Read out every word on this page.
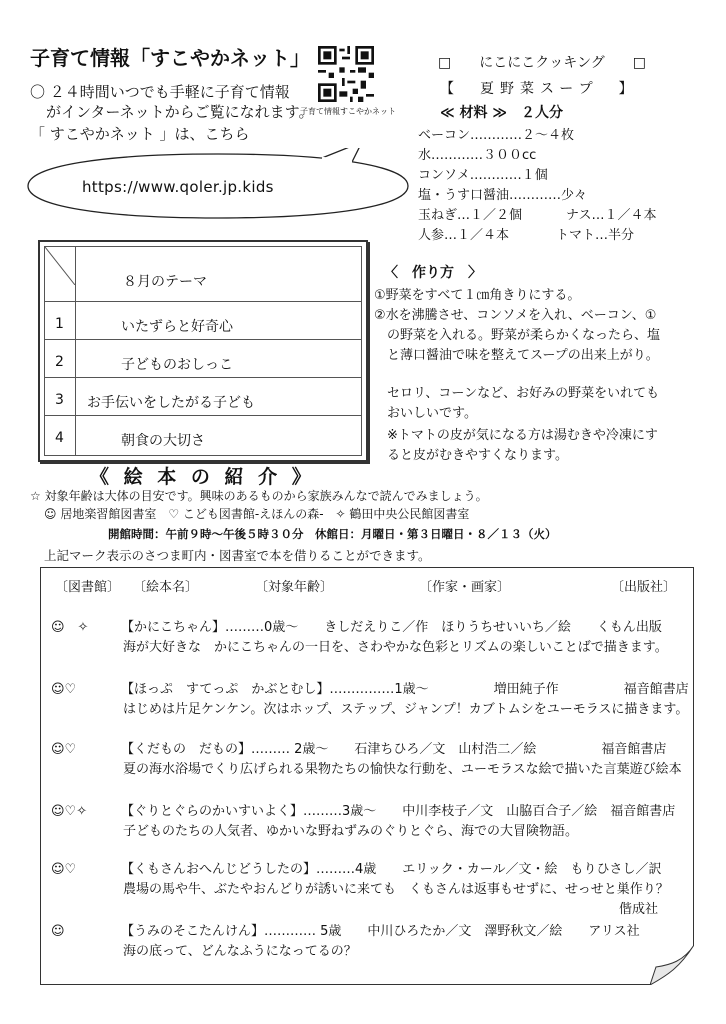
子育て情報「すこやかネット」
〇 ２４時間いつでも手軽に子育て情報
がインターネットからご覧になれます。
「 すこやかネット 」は、こちら
子育て情報すこやかネット
https://www.qoler.jp.kids
□　　にこにこクッキング　　□
【　夏野菜スープ　】
≪ 材料 ≫　２人分
ベーコン…………２～４枚
水…………３００cc
コンソメ…………１個
塩・うす口醤油…………少々
玉ねぎ…１／２個	ナス…１／４本
人参…１／４本	トマト…半分
〈　作り方　〉
①野菜をすべて１㎝角きりにする。
②水を沸騰させ、コンソメを入れ、ベーコン、①
　の野菜を入れる。野菜が柔らかくなったら、塩
　と薄口醤油で味を整えてスープの出来上がり。
　セロリ、コーンなど、お好みの野菜をいれても
　おいしいです。
　※トマトの皮が気になる方は湯むきや冷凍にす
　ると皮がむきやすくなります。
８月のテーマ
1	いたずらと好奇心
2	子どものおしっこ
3 お手伝いをしたがる子ども
4	朝食の大切さ
《 絵 本 の 紹 介 》
☆ 対象年齢は大体の目安です。興味のあるものから家族みんなで読んでみましょう。
☺ 居地楽習館図書室　♡ こども図書館-えほんの森-　✧ 鶴田中央公民館図書室
開館時間：午前９時～午後５時３０分　休館日：月曜日・第３日曜日・８／１３（火）
上記マーク表示のさつま町内・図書室で本を借りることができます。
〔図書館〕 〔絵本名〕	〔対象年齢〕	〔作家・画家〕	〔出版社〕
☺　✧	【かにこちゃん】………0歳～　　きしだえりこ／作　ほりうちせいいち／絵　　くもん出版
海が大好きな　かにこちゃんの一日を、さわやかな色彩とリズムの楽しいことばで描きます。
☺♡	【ほっぷ　すてっぷ　かぶとむし】……………1歳～　　　　　増田純子作　　　　　福音館書店
はじめは片足ケンケン。次はホップ、ステップ、ジャンプ！カブトムシをユーモラスに描きます。
☺♡	【くだもの　だもの】……… 2歳～　　石津ちひろ／文　山村浩二／絵　　　　　福音館書店
夏の海水浴場でくり広げられる果物たちの愉快な行動を、ユーモラスな絵で描いた言葉遊び絵本
☺♡✧	【ぐりとぐらのかいすいよく】………3歳～　　中川李枝子／文　山脇百合子／絵　福音館書店
子どものたちの人気者、ゆかいな野ねずみのぐりとぐら、海での大冒険物語。
☺♡	【くもさんおへんじどうしたの】………4歳　　エリック・カール／文・絵　もりひさし／訳
農場の馬や牛、ぶたやおんどりが誘いに来ても　くもさんは返事もせずに、せっせと巣作り？
偕成社
☺	【うみのそこたんけん】………… 5歳　　中川ひろたか／文　澤野秋文／絵　　アリス社
海の底って、どんなふうになってるの？
